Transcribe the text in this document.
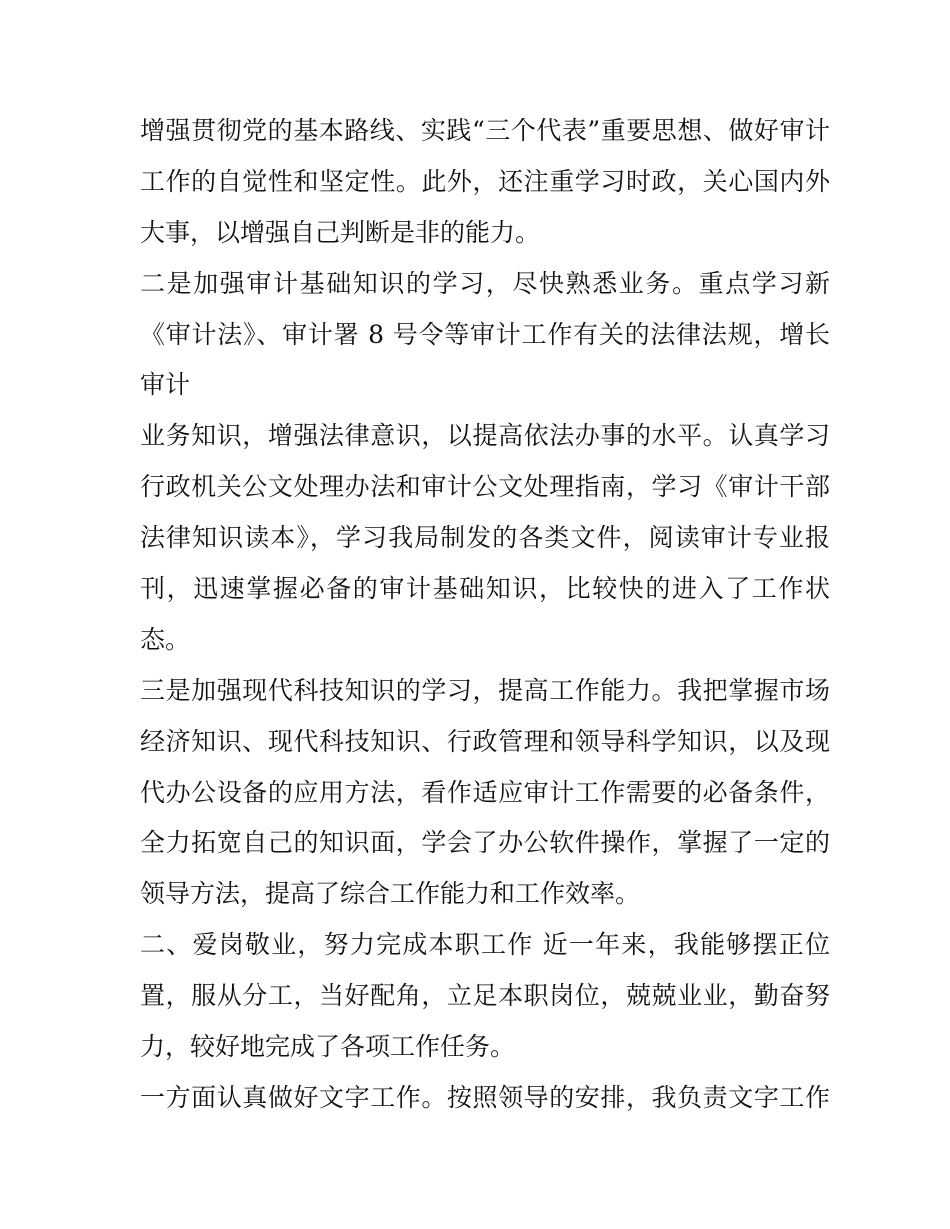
增强贯彻党的基本路线、实践“三个代表”重要思想、做好审计
工作的自觉性和坚定性。此外，还注重学习时政，关心国内外
大事，以增强自己判断是非的能力。
二是加强审计基础知识的学习，尽快熟悉业务。重点学习新
《审计法》、审计署 8 号令等审计工作有关的法律法规，增长
审计
业务知识，增强法律意识，以提高依法办事的水平。认真学习
行政机关公文处理办法和审计公文处理指南，学习《审计干部
法律知识读本》，学习我局制发的各类文件，阅读审计专业报
刊，迅速掌握必备的审计基础知识，比较快的进入了工作状
态。
三是加强现代科技知识的学习，提高工作能力。我把掌握市场
经济知识、现代科技知识、行政管理和领导科学知识，以及现
代办公设备的应用方法，看作适应审计工作需要的必备条件，
全力拓宽自己的知识面，学会了办公软件操作，掌握了一定的
领导方法，提高了综合工作能力和工作效率。
二、爱岗敬业，努力完成本职工作 近一年来，我能够摆正位
置，服从分工，当好配角，立足本职岗位，兢兢业业，勤奋努
力，较好地完成了各项工作任务。
一方面认真做好文字工作。按照领导的安排，我负责文字工作
